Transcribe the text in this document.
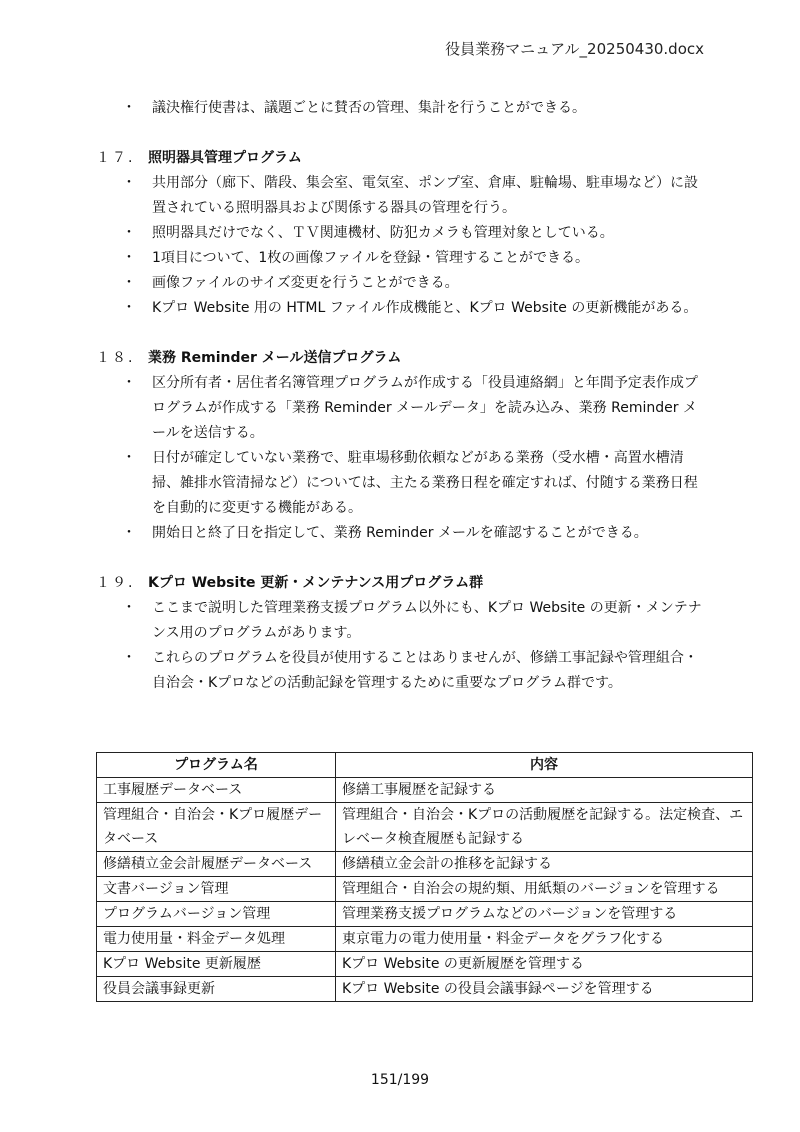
役員業務マニュアル_20250430.docx
・ 議決権行使書は、議題ごとに賛否の管理、集計を行うことができる。
１７. 照明器具管理プログラム
・ 共用部分（廊下、階段、集会室、電気室、ポンプ室、倉庫、駐輪場、駐車場など）に設置されている照明器具および関係する器具の管理を行う。
・ 照明器具だけでなく、ＴＶ関連機材、防犯カメラも管理対象としている。
・ 1項目について、1枚の画像ファイルを登録・管理することができる。
・ 画像ファイルのサイズ変更を行うことができる。
・ Kプロ Website 用の HTML ファイル作成機能と、Kプロ Website の更新機能がある。
１８. 業務 Reminder メール送信プログラム
・ 区分所有者・居住者名簿管理プログラムが作成する「役員連絡網」と年間予定表作成プログラムが作成する「業務 Reminder メールデータ」を読み込み、業務 Reminder メールを送信する。
・ 日付が確定していない業務で、駐車場移動依頼などがある業務（受水槽・高置水槽清掃、雑排水管清掃など）については、主たる業務日程を確定すれば、付随する業務日程を自動的に変更する機能がある。
・ 開始日と終了日を指定して、業務 Reminder メールを確認することができる。
１９. Kプロ Website 更新・メンテナンス用プログラム群
・ ここまで説明した管理業務支援プログラム以外にも、Kプロ Website の更新・メンテナンス用のプログラムがあります。
・ これらのプログラムを役員が使用することはありませんが、修繕工事記録や管理組合・自治会・Kプロなどの活動記録を管理するために重要なプログラム群です。
プログラム名	内容
工事履歴データベース	修繕工事履歴を記録する
管理組合・自治会・Kプロ履歴データベース	管理組合・自治会・Kプロの活動履歴を記録する。法定検査、エレベータ検査履歴も記録する
修繕積立金会計履歴データベース	修繕積立金会計の推移を記録する
文書バージョン管理	管理組合・自治会の規約類、用紙類のバージョンを管理する
プログラムバージョン管理	管理業務支援プログラムなどのバージョンを管理する
電力使用量・料金データ処理	東京電力の電力使用量・料金データをグラフ化する
Kプロ Website 更新履歴	Kプロ Website の更新履歴を管理する
役員会議事録更新	Kプロ Website の役員会議事録ページを管理する
151/199
